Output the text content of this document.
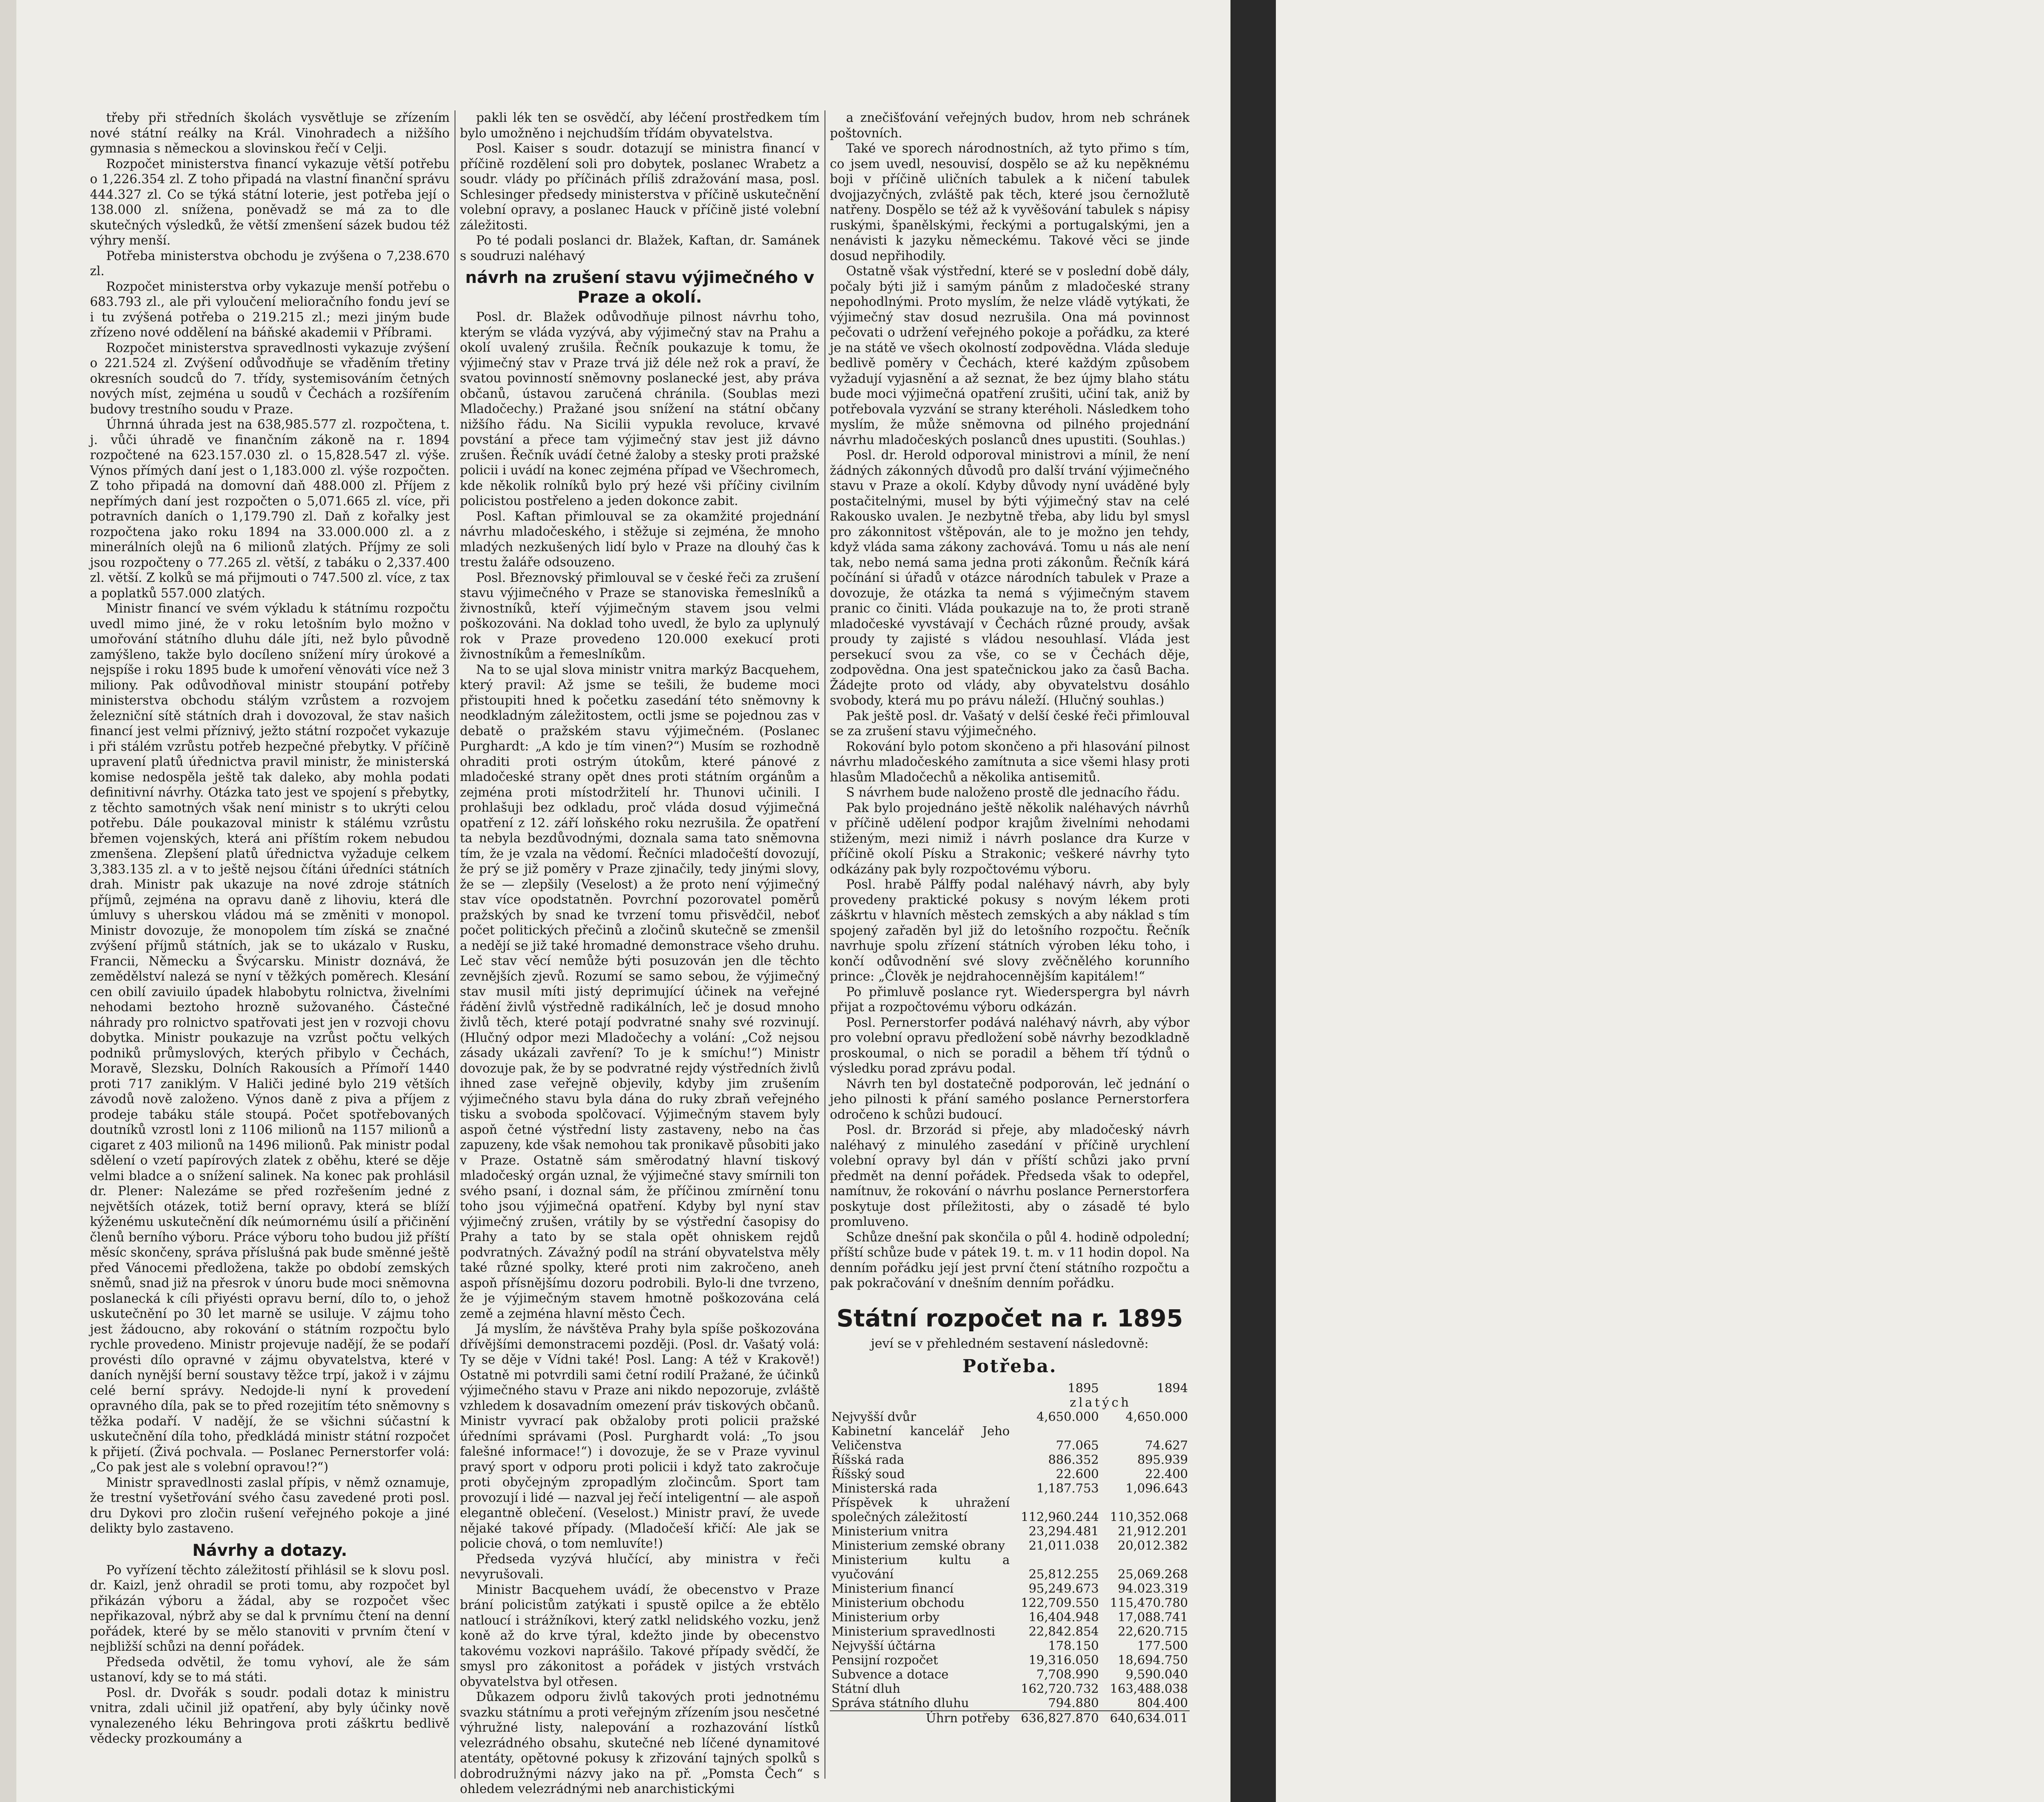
třeby při středních školách vysvětluje se zřízením nové státní reálky na Král. Vinohradech a nižšího gymnasia s německou a slovinskou řečí v Celji.

Rozpočet ministerstva financí vykazuje větší potřebu o 1,226.354 zl. Z toho připadá na vlastní finanční správu 444.327 zl. Co se týká státní loterie, jest potřeba její o 138.000 zl. snížena, poněvadž se má za to dle skutečných výsledků, že větší zmenšení sázek budou též výhry menší.

Potřeba ministerstva obchodu je zvýšena o 7,238.670 zl.

Rozpočet ministerstva orby vykazuje menší potřebu o 683.793 zl., ale při vyloučení melioračního fondu jeví se i tu zvýšená potřeba o 219.215 zl.; mezi jiným bude zřízeno nové oddělení na báňské akademii v Příbrami.

Rozpočet ministerstva spravedlnosti vykazuje zvýšení o 221.524 zl. Zvýšení odůvodňuje se vřaděním třetiny okresních soudců do 7. třídy, systemisováním četných nových míst, zejména u soudů v Čechách a rozšířením budovy trestního soudu v Praze.

Úhrnná úhrada jest na 638,985.577 zl. rozpočtena, t. j. vůči úhradě ve finančním zákoně na r. 1894 rozpočtené na 623.157.030 zl. o 15,828.547 zl. výše. Výnos přímých daní jest o 1,183.000 zl. výše rozpočten. Z toho připadá na domovní daň 488.000 zl. Příjem z nepřímých daní jest rozpočten o 5,071.665 zl. více, při potravních daních o 1,179.790 zl. Daň z kořalky jest rozpočtena jako roku 1894 na 33.000.000 zl. a z minerálních olejů na 6 milionů zlatých. Příjmy ze soli jsou rozpočteny o 77.265 zl. větší, z tabáku o 2,337.400 zl. větší. Z kolků se má přijmouti o 747.500 zl. více, z tax a poplatků 557.000 zlatých.

Ministr financí ve svém výkladu k státnímu rozpočtu uvedl mimo jiné, že v roku letošním bylo možno v umořování státního dluhu dále jíti, než bylo původně zamýšleno, takže bylo docíleno snížení míry úrokové a nejspíše i roku 1895 bude k umoření věnováti více než 3 miliony. Pak odůvodňoval ministr stoupání potřeby ministerstva obchodu stálým vzrůstem a rozvojem železniční sítě státních drah i dovozoval, že stav našich financí jest velmi příznivý, ježto státní rozpočet vykazuje i při stálém vzrůstu potřeb hezpečné přebytky. V příčině upravení platů úřednictva pravil ministr, že ministerská komise nedospěla ještě tak daleko, aby mohla podati definitivní návrhy. Otázka tato jest ve spojení s přebytky, z těchto samotných však není ministr s to ukrýti celou potřebu. Dále poukazoval ministr k stálému vzrůstu břemen vojenských, která ani příštím rokem nebudou zmenšena. Zlepšení platů úřednictva vyžaduje celkem 3,383.135 zl. a v to ještě nejsou čítáni úředníci státních drah. Ministr pak ukazuje na nové zdroje státních příjmů, zejména na opravu daně z lihoviu, která dle úmluvy s uherskou vládou má se změniti v monopol. Ministr dovozuje, že monopolem tím získá se značné zvýšení příjmů státních, jak se to ukázalo v Rusku, Francii, Německu a Švýcarsku. Ministr doznává, že zemědělství nalezá se nyní v těžkých poměrech. Klesání cen obilí zaviuilo úpadek hlabobytu rolnictva, živelními nehodami beztoho hrozně sužovaného. Částečné náhrady pro rolnictvo spatřovati jest jen v rozvoji chovu dobytka. Ministr poukazuje na vzrůst počtu velkých podniků průmyslových, kterých přibylo v Čechách, Moravě, Slezsku, Dolních Rakousích a Přímoří 1440 proti 717 zaniklým. V Haliči jediné bylo 219 větších závodů nově založeno. Výnos daně z piva a příjem z prodeje tabáku stále stoupá. Počet spotřebovaných doutníků vzrostl loni z 1106 milionů na 1157 milionů a cigaret z 403 milionů na 1496 milionů. Pak ministr podal sdělení o vzetí papírových zlatek z oběhu, které se děje velmi bladce a o snížení salinek. Na konec pak prohlásil dr. Plener: Nalezáme se před rozřešením jedné z největších otázek, totiž berní opravy, která se blíží kýženému uskutečnění dík neúmornému úsilí a přičinění členů berního výboru. Práce výboru toho budou již příští měsíc skončeny, správa příslušná pak bude směnné ještě před Vánocemi předložena, takže po období zemských sněmů, snad již na přesrok v únoru bude moci sněmovna poslanecká k cíli přiyésti opravu berní, dílo to, o jehož uskutečnění po 30 let marně se usiluje. V zájmu toho jest žádoucno, aby rokování o státním rozpočtu bylo rychle provedeno. Ministr projevuje nadějí, že se podaří provésti dílo opravné v zájmu obyvatelstva, které v daních nynější berní soustavy těžce trpí, jakož i v zájmu celé berní správy. Nedojde-li nyní k provedení opravného díla, pak se to před rozejitím této sněmovny s těžka podaří. V nadějí, že se všichni súčastní k uskutečnění díla toho, předkládá ministr státní rozpočet k přijetí. (Živá pochvala. — Poslanec Pernerstorfer volá: „Co pak jest ale s volební opravou!?“)

Ministr spravedlnosti zaslal přípis, v němž oznamuje, že trestní vyšetřování svého času zavedené proti posl. dru Dykovi pro zločin rušení veřejného pokoje a jiné delikty bylo zastaveno.

Návrhy a dotazy.

Po vyřízení těchto záležitostí přihlásil se k slovu posl. dr. Kaizl, jenž ohradil se proti tomu, aby rozpočet byl přikázán výboru a žádal, aby se rozpočet všec nepřikazoval, nýbrž aby se dal k prvnímu čtení na denní pořádek, které by se mělo stanoviti v prvním čtení v nejbližší schůzi na denní pořádek.

Předseda odvětil, že tomu vyhoví, ale že sám ustanoví, kdy se to má státi.

Posl. dr. Dvořák s soudr. podali dotaz k ministru vnitra, zdali učinil již opatření, aby byly účinky nově vynalezeného léku Behringova proti záškrtu bedlivě vědecky prozkoumány a

pakli lék ten se osvědčí, aby léčení prostředkem tím bylo umožněno i nejchudším třídám obyvatelstva.

Posl. Kaiser s soudr. dotazují se ministra financí v příčině rozdělení soli pro dobytek, poslanec Wrabetz a soudr. vlády po příčinách příliš zdražování masa, posl. Schlesinger předsedy ministerstva v příčině uskutečnění volební opravy, a poslanec Hauck v příčině jisté volební záležitosti.

Po té podali poslanci dr. Blažek, Kaftan, dr. Samánek s soudruzi naléhavý

návrh na zrušení stavu výjimečného v Praze a okolí.

Posl. dr. Blažek odůvodňuje pilnost návrhu toho, kterým se vláda vyzývá, aby výjimečný stav na Prahu a okolí uvalený zrušila. Řečník poukazuje k tomu, že výjimečný stav v Praze trvá již déle než rok a praví, že svatou povinností sněmovny poslanecké jest, aby práva občanů, ústavou zaručená chránila. (Soublas mezi Mladočechy.) Pražané jsou snížení na státní občany nižšího řádu. Na Sicilii vypukla revoluce, krvavé povstání a přece tam výjimečný stav jest již dávno zrušen. Řečník uvádí četné žaloby a stesky proti pražské policii i uvádí na konec zejména případ ve Všechromech, kde několik rolníků bylo prý hezé vši příčiny civilním policistou postřeleno a jeden dokonce zabit.

Posl. Kaftan přimlouval se za okamžité projednání návrhu mladočeského, i stěžuje si zejména, že mnoho mladých nezkušených lidí bylo v Praze na dlouhý čas k trestu žaláře odsouzeno.

Posl. Březnovský přimlouval se v české řeči za zrušení stavu výjimečného v Praze se stanoviska řemeslníků a živnostníků, kteří výjimečným stavem jsou velmi poškozováni. Na doklad toho uvedl, že bylo za uplynulý rok v Praze provedeno 120.000 exekucí proti živnostníkům a řemeslníkům.

Na to se ujal slova ministr vnitra markýz Bacquehem, který pravil: Až jsme se tešili, že budeme moci přistoupiti hned k početku zasedání této sněmovny k neodkladným záležitostem, octli jsme se pojednou zas v debatě o pražském stavu výjimečném. (Poslanec Purghardt: „A kdo je tím vinen?“) Musím se rozhodně ohraditi proti ostrým útokům, které pánové z mladočeské strany opět dnes proti státním orgánům a zejména proti místodržitelí hr. Thunovi učinili. I prohlašuji bez odkladu, proč vláda dosud výjimečná opatření z 12. září loňského roku nezrušila. Že opatření ta nebyla bezdůvodnými, doznala sama tato sněmovna tím, že je vzala na vědomí. Řečníci mladočeští dovozují, že prý se již poměry v Praze zjinačily, tedy jinými slovy, že se — zlepšily (Veselost) a že proto není výjimečný stav více opodstatněn. Povrchní pozorovatel poměrů pražských by snad ke tvrzení tomu přisvědčil, neboť počet politických přečinů a zločinů skutečně se zmenšil a nedějí se již také hromadné demonstrace všeho druhu. Leč stav věcí nemůže býti posuzován jen dle těchto zevnějších zjevů. Rozumí se samo sebou, že výjimečný stav musil míti jistý deprimující účinek na veřejné řádění živlů výstředně radikálních, leč je dosud mnoho živlů těch, které potají podvratné snahy své rozvinují. (Hlučný odpor mezi Mladočechy a volání: „Což nejsou zásady ukázali zavření? To je k smíchu!“) Ministr dovozuje pak, že by se podvratné rejdy výstředních živlů ihned zase veřejně objevily, kdyby jim zrušením výjimečného stavu byla dána do ruky zbraň veřejného tisku a svoboda spolčovací. Výjimečným stavem byly aspoň četné výstřední listy zastaveny, nebo na čas zapuzeny, kde však nemohou tak pronikavě působiti jako v Praze. Ostatně sám směrodatný hlavní tiskový mladočeský orgán uznal, že výjimečné stavy smírnili ton svého psaní, i doznal sám, že příčinou zmírnění tonu toho jsou výjimečná opatření. Kdyby byl nyní stav výjimečný zrušen, vrátily by se výstřední časopisy do Prahy a tato by se stala opět ohniskem rejdů podvratných. Závažný podíl na strání obyvatelstva měly také různé spolky, které proti nim zakročeno, aneh aspoň přísnějšímu dozoru podrobili. Bylo-li dne tvrzeno, že je výjimečným stavem hmotně poškozována celá země a zejména hlavní město Čech.

Já myslím, že návštěva Prahy byla spíše poškozována dřívějšími demonstracemi později. (Posl. dr. Vašatý volá: Ty se děje v Vídni také! Posl. Lang: A též v Krakově!) Ostatně mi potvrdili sami četní rodilí Pražané, že účinků výjimečného stavu v Praze ani nikdo nepozoruje, zvláště vzhledem k dosavadním omezení práv tiskových občanů. Ministr vyvrací pak obžaloby proti policii pražské úředními správami (Posl. Purghardt volá: „To jsou falešné informace!“) i dovozuje, že se v Praze vyvinul pravý sport v odporu proti policii i když tato zakročuje proti obyčejným zpropadlým zločincům. Sport tam provozují i lidé — nazval jej řečí inteligentní — ale aspoň elegantně oblečení. (Veselost.) Ministr praví, že uvede nějaké takové případy. (Mladočeší křičí: Ale jak se policie chová, o tom nemluvíte!)

Předseda vyzývá hlučící, aby ministra v řeči nevyrušovali.

Ministr Bacquehem uvádí, že obecenstvo v Praze brání policistům zatýkati i spustě opilce a že ebtělo natloucí i strážníkovi, který zatkl nelidského vozku, jenž koně až do krve týral, kdežto jinde by obecenstvo takovému vozkovi naprášilo. Takové případy svědčí, že smysl pro zákonitost a pořádek v jistých vrstvách obyvatelstva byl otřesen.

Důkazem odporu živlů takových proti jednotnému svazku státnímu a proti veřejným zřízením jsou nesčetné výhružné listy, nalepování a rozhazování lístků velezrádného obsahu, skutečné neb líčené dynamitové atentáty, opětovné pokusy k zřizování tajných spolků s dobrodružnými názvy jako na př. „Pomsta Čech“ s ohledem velezrádnými neb anarchistickými

a znečišťování veřejných budov, hrom neb schránek poštovních.

Také ve sporech národnostních, až tyto přimo s tím, co jsem uvedl, nesouvisí, dospělo se až ku nepěknému boji v příčině uličních tabulek a k ničení tabulek dvojjazyčných, zvláště pak těch, které jsou černožlutě natřeny. Dospělo se též až k vyvěšování tabulek s nápisy ruskými, španělskými, řeckými a portugalskými, jen a nenávisti k jazyku německému. Takové věci se jinde dosud nepřihodily.

Ostatně však výstřední, které se v poslední době dály, počaly býti již i samým pánům z mladočeské strany nepohodlnými. Proto myslím, že nelze vládě vytýkati, že výjimečný stav dosud nezrušila. Ona má povinnost pečovati o udržení veřejného pokoje a pořádku, za které je na státě ve všech okolností zodpovědna. Vláda sleduje bedlivě poměry v Čechách, které každým způsobem vyžadují vyjasnění a až seznat, že bez újmy blaho státu bude moci výjimečná opatření zrušiti, učiní tak, aniž by potřebovala vyzvání se strany kteréholi. Následkem toho myslím, že může sněmovna od pilného projednání návrhu mladočeských poslanců dnes upustiti. (Souhlas.)

Posl. dr. Herold odporoval ministrovi a mínil, že není žádných zákonných důvodů pro další trvání výjimečného stavu v Praze a okolí. Kdyby důvody nyní uváděné byly postačitelnými, musel by býti výjimečný stav na celé Rakousko uvalen. Je nezbytně třeba, aby lidu byl smysl pro zákonnitost vštěpován, ale to je možno jen tehdy, když vláda sama zákony zachovává. Tomu u nás ale není tak, nebo nemá sama jedna proti zákonům. Řečník kárá počínání si úřadů v otázce národních tabulek v Praze a dovozuje, že otázka ta nemá s výjimečným stavem pranic co činiti. Vláda poukazuje na to, že proti straně mladočeské vyvstávají v Čechách různé proudy, avšak proudy ty zajisté s vládou nesouhlasí. Vláda jest persekucí svou za vše, co se v Čechách děje, zodpovědna. Ona jest spatečnickou jako za časů Bacha. Žádejte proto od vlády, aby obyvatelstvu dosáhlo svobody, která mu po právu náleží. (Hlučný souhlas.)

Pak ještě posl. dr. Vašatý v delší české řeči přimlouval se za zrušení stavu výjimečného.

Rokování bylo potom skončeno a při hlasování pilnost návrhu mladočeského zamítnuta a sice všemi hlasy proti hlasům Mladočechů a několika antisemitů.

S návrhem bude naloženo prostě dle jednacího řádu.

Pak bylo projednáno ještě několik naléhavých návrhů v příčině udělení podpor krajům živelními nehodami stiženým, mezi nimiž i návrh poslance dra Kurze v příčině okolí Písku a Strakonic; veškeré návrhy tyto odkázány pak byly rozpočtovému výboru.

Posl. hrabě Pálffy podal naléhavý návrh, aby byly provedeny praktické pokusy s novým lékem proti záškrtu v hlavních městech zemských a aby náklad s tím spojený zařaděn byl již do letošního rozpočtu. Řečník navrhuje spolu zřízení státních výroben léku toho, i končí odůvodnění své slovy zvěčnělého korunního prince: „Člověk je nejdrahocennějším kapitálem!“

Po přimluvě poslance ryt. Wiederspergra byl návrh přijat a rozpočtovému výboru odkázán.

Posl. Pernerstorfer podává naléhavý návrh, aby výbor pro volební opravu předložení sobě návrhy bezodkladně proskoumal, o nich se poradil a během tří týdnů o výsledku porad zprávu podal.

Návrh ten byl dostatečně podporován, leč jednání o jeho pilnosti k přání samého poslance Pernerstorfera odročeno k schůzi budoucí.

Posl. dr. Brzorád si přeje, aby mladočeský návrh naléhavý z minulého zasedání v příčině urychlení volební opravy byl dán v příští schůzi jako první předmět na denní pořádek. Předseda však to odepřel, namítnuv, že rokování o návrhu poslance Pernerstorfera poskytuje dost příležitosti, aby o zásadě té bylo promluveno.

Schůze dnešní pak skončila o půl 4. hodině odpolední; příští schůze bude v pátek 19. t. m. v 11 hodin dopol. Na denním pořádku její jest první čtení státního rozpočtu a pak pokračování v dnešním denním pořádku.

Státní rozpočet na r. 1895
jeví se v přehledném sestavení následovně:
Potřeba.
	1895	1894
	zlatých	
Nejvyšší dvůr	4,650.000	4,650.000
Kabinetní kancelář Jeho Veličenstva	77.065	74.627
Říšská rada	886.352	895.939
Říšský soud	22.600	22.400
Ministerská rada	1,187.753	1,096.643
Příspěvek k uhražení společných záležitostí	112,960.244	110,352.068
Ministerium vnitra	23,294.481	21,912.201
Ministerium zemské obrany	21,011.038	20,012.382
Ministerium kultu a vyučování	25,812.255	25,069.268
Ministerium financí	95,249.673	94.023.319
Ministerium obchodu	122,709.550	115,470.780
Ministerium orby	16,404.948	17,088.741
Ministerium spravedlnosti	22,842.854	22,620.715
Nejvyšší účtárna	178.150	177.500
Pensijní rozpočet	19,316.050	18,694.750
Subvence a dotace	7,708.990	9,590.040
Státní dluh	162,720.732	163,488.038
Správa státního dluhu	794.880	804.400
Úhrn potřeby	636,827.870	640,634.011
